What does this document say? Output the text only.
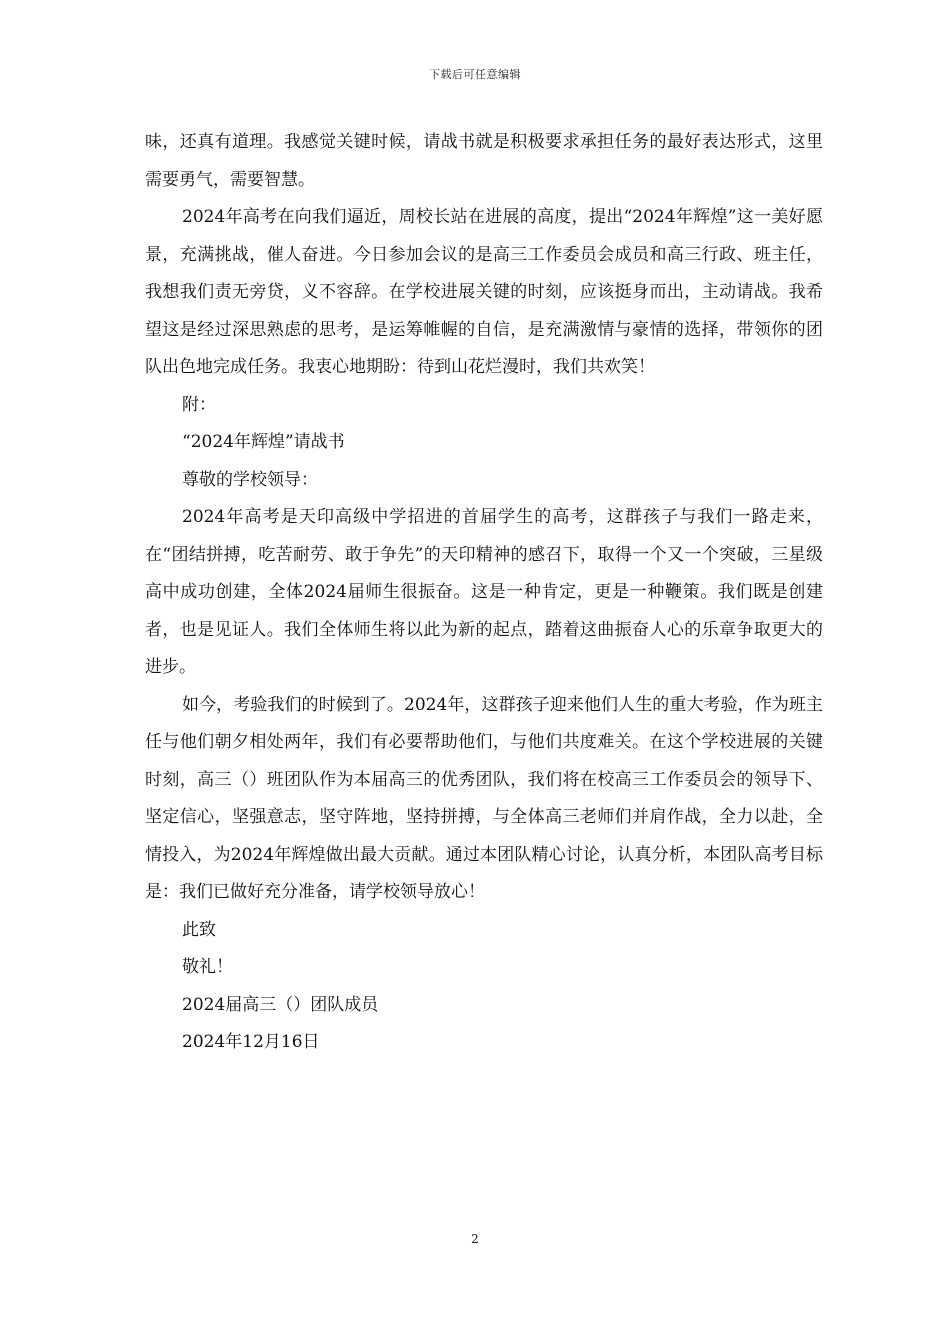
下载后可任意编辑

味，还真有道理。我感觉关键时候，请战书就是积极要求承担任务的最好表达形式，这里需要勇气，需要智慧。

2024年高考在向我们逼近，周校长站在进展的高度，提出“2024年辉煌”这一美好愿景，充满挑战，催人奋进。今日参加会议的是高三工作委员会成员和高三行政、班主任，我想我们责无旁贷，义不容辞。在学校进展关键的时刻，应该挺身而出，主动请战。我希望这是经过深思熟虑的思考，是运筹帷幄的自信，是充满激情与豪情的选择，带领你的团队出色地完成任务。我衷心地期盼：待到山花烂漫时，我们共欢笑！

附：

“2024年辉煌”请战书

尊敬的学校领导：

2024年高考是天印高级中学招进的首届学生的高考，这群孩子与我们一路走来，在“团结拼搏，吃苦耐劳、敢于争先”的天印精神的感召下，取得一个又一个突破，三星级高中成功创建，全体2024届师生很振奋。这是一种肯定，更是一种鞭策。我们既是创建者，也是见证人。我们全体师生将以此为新的起点，踏着这曲振奋人心的乐章争取更大的进步。

如今，考验我们的时候到了。2024年，这群孩子迎来他们人生的重大考验，作为班主任与他们朝夕相处两年，我们有必要帮助他们，与他们共度难关。在这个学校进展的关键时刻，高三（）班团队作为本届高三的优秀团队，我们将在校高三工作委员会的领导下、坚定信心，坚强意志，坚守阵地，坚持拼搏，与全体高三老师们并肩作战，全力以赴，全情投入，为2024年辉煌做出最大贡献。通过本团队精心讨论，认真分析，本团队高考目标是：我们已做好充分准备，请学校领导放心！

此致

敬礼！

2024届高三（）团队成员

2024年12月16日

2
